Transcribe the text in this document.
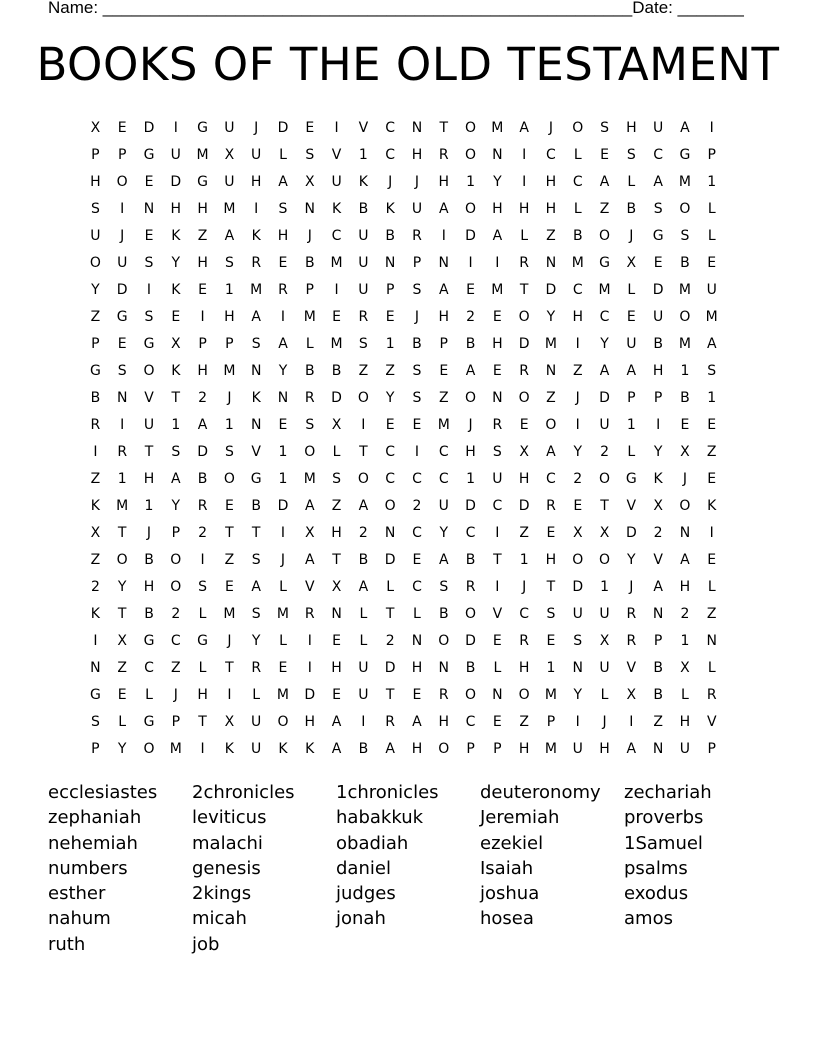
Name: ________________________________________________________ Date: _______
BOOKS OF THE OLD TESTAMENT
X	E	D	I	G	U	J	D	E	I	V	C	N	T	O	M	A	J	O	S	H	U	A	I
P	P	G	U	M	X	U	L	S	V	1	C	H	R	O	N	I	C	L	E	S	C	G	P
H	O	E	D	G	U	H	A	X	U	K	J	J	H	1	Y	I	H	C	A	L	A	M	1
S	I	N	H	H	M	I	S	N	K	B	K	U	A	O	H	H	H	L	Z	B	S	O	L
U	J	E	K	Z	A	K	H	J	C	U	B	R	I	D	A	L	Z	B	O	J	G	S	L
O	U	S	Y	H	S	R	E	B	M	U	N	P	N	I	I	R	N	M	G	X	E	B	E
Y	D	I	K	E	1	M	R	P	I	U	P	S	A	E	M	T	D	C	M	L	D	M	U
Z	G	S	E	I	H	A	I	M	E	R	E	J	H	2	E	O	Y	H	C	E	U	O	M
P	E	G	X	P	P	S	A	L	M	S	1	B	P	B	H	D	M	I	Y	U	B	M	A
G	S	O	K	H	M	N	Y	B	B	Z	Z	S	E	A	E	R	N	Z	A	A	H	1	S
B	N	V	T	2	J	K	N	R	D	O	Y	S	Z	O	N	O	Z	J	D	P	P	B	1
R	I	U	1	A	1	N	E	S	X	I	E	E	M	J	R	E	O	I	U	1	I	E	E
I	R	T	S	D	S	V	1	O	L	T	C	I	C	H	S	X	A	Y	2	L	Y	X	Z
Z	1	H	A	B	O	G	1	M	S	O	C	C	C	1	U	H	C	2	O	G	K	J	E
K	M	1	Y	R	E	B	D	A	Z	A	O	2	U	D	C	D	R	E	T	V	X	O	K
X	T	J	P	2	T	T	I	X	H	2	N	C	Y	C	I	Z	E	X	X	D	2	N	I
Z	O	B	O	I	Z	S	J	A	T	B	D	E	A	B	T	1	H	O	O	Y	V	A	E
2	Y	H	O	S	E	A	L	V	X	A	L	C	S	R	I	J	T	D	1	J	A	H	L
K	T	B	2	L	M	S	M	R	N	L	T	L	B	O	V	C	S	U	U	R	N	2	Z
I	X	G	C	G	J	Y	L	I	E	L	2	N	O	D	E	R	E	S	X	R	P	1	N
N	Z	C	Z	L	T	R	E	I	H	U	D	H	N	B	L	H	1	N	U	V	B	X	L
G	E	L	J	H	I	L	M	D	E	U	T	E	R	O	N	O	M	Y	L	X	B	L	R
S	L	G	P	T	X	U	O	H	A	I	R	A	H	C	E	Z	P	I	J	I	Z	H	V
P	Y	O	M	I	K	U	K	K	A	B	A	H	O	P	P	H	M	U	H	A	N	U	P
ecclesiastes	2chronicles	1chronicles	deuteronomy	zechariah
zephaniah	leviticus	habakkuk	Jeremiah	proverbs
nehemiah	malachi	obadiah	ezekiel	1Samuel
numbers	genesis	daniel	Isaiah	psalms
esther	2kings	judges	joshua	exodus
nahum	micah	jonah	hosea	amos
ruth	job
